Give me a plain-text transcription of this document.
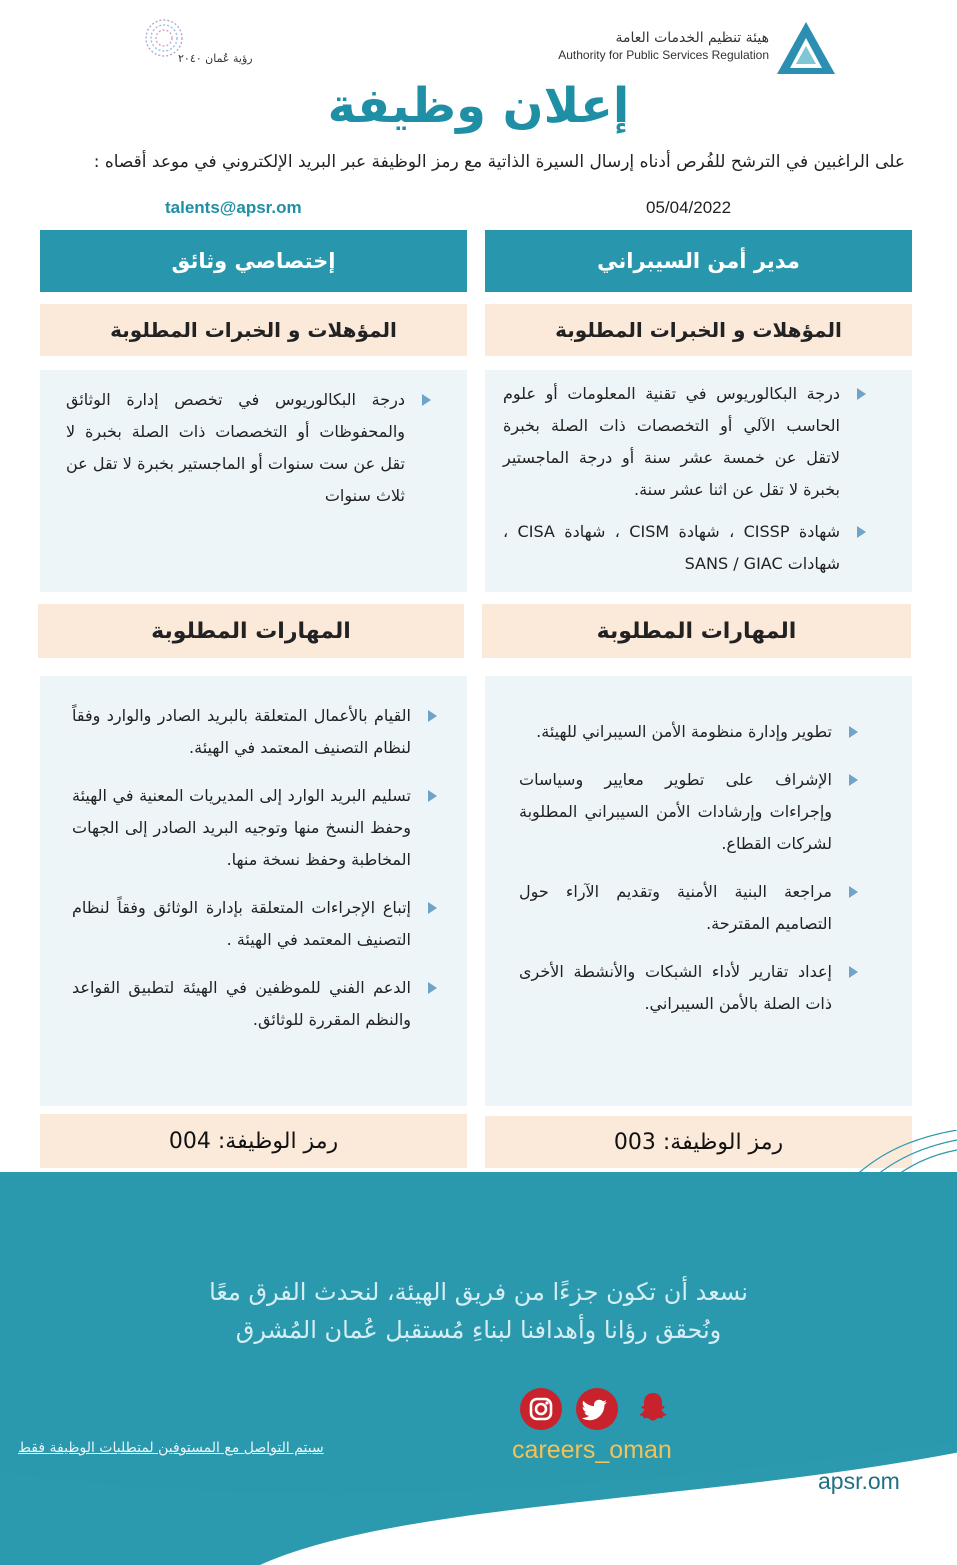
هيئة تنظيم الخدمات العامة
Authority for Public Services Regulation
رؤية عُمان ٢٠٤٠
إعلان وظيفة
على الراغبين في الترشح للفُرص أدناه إرسال السيرة الذاتية مع رمز الوظيفة عبر البريد الإلكتروني في موعد أقصاه :
talents@apsr.om	05/04/2022
مدير أمن السيبراني
المؤهلات و الخبرات المطلوبة
درجة البكالوريوس في تقنية المعلومات أو علوم الحاسب الآلي أو التخصصات ذات الصلة بخبرة لاتقل عن خمسة عشر سنة أو درجة الماجستير بخبرة لا تقل عن اثنا عشر سنة.
شهادة CISSP ، شهادة CISM ، شهادة CISA ، شهادات SANS / GIAC
المهارات المطلوبة
تطوير وإدارة منظومة الأمن السيبراني للهيئة.
الإشراف على تطوير معايير وسياسات وإجراءات وإرشادات الأمن السيبراني المطلوبة لشركات القطاع.
مراجعة البنية الأمنية وتقديم الآراء حول التصاميم المقترحة.
إعداد تقارير لأداء الشبكات والأنشطة الأخرى ذات الصلة بالأمن السيبراني.
رمز الوظيفة: 003
إختصاصي وثائق
المؤهلات و الخبرات المطلوبة
درجة البكالوريوس في تخصص إدارة الوثائق والمحفوظات أو التخصصات ذات الصلة بخبرة لا تقل عن ست سنوات أو الماجستير بخبرة لا تقل عن ثلاث سنوات
المهارات المطلوبة
القيام بالأعمال المتعلقة بالبريد الصادر والوارد وفقاً لنظام التصنيف المعتمد في الهيئة.
تسليم البريد الوارد إلى المديريات المعنية في الهيئة وحفظ النسخ منها وتوجيه البريد الصادر إلى الجهات المخاطبة وحفظ نسخة منها.
إتباع الإجراءات المتعلقة بإدارة الوثائق وفقاً لنظام التصنيف المعتمد في الهيئة .
الدعم الفني للموظفين في الهيئة لتطبيق القواعد والنظم المقررة للوثائق.
رمز الوظيفة: 004
نسعد أن تكون جزءًا من فريق الهيئة، لنحدث الفرق معًا
ونُحقق رؤانا وأهدافنا لبناءِ مُستقبل عُمان المُشرق
careers_oman
سيتم التواصل مع المستوفين لمتطلبات الوظيفة فقط
apsr.om
